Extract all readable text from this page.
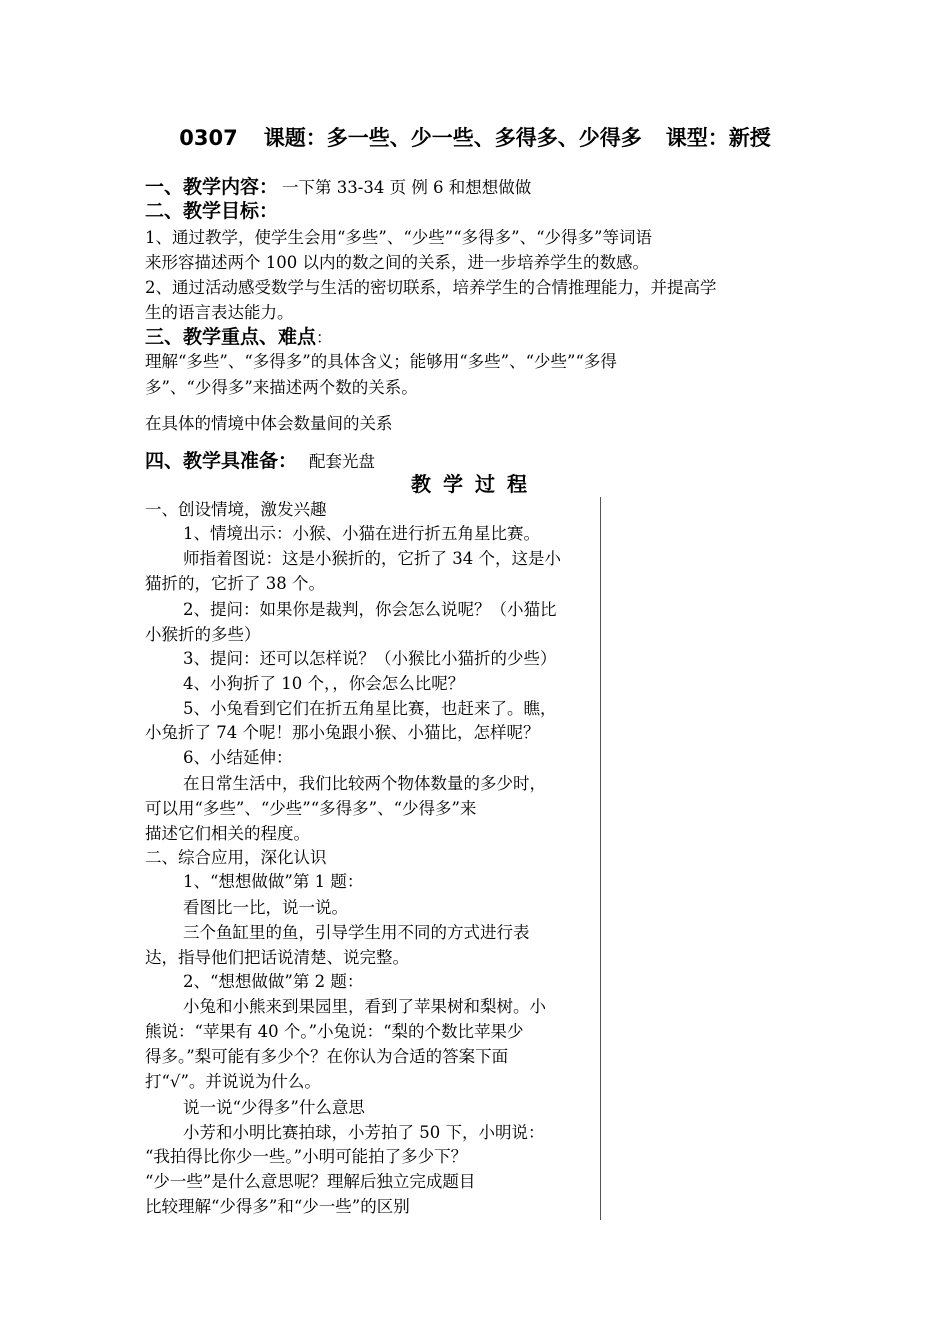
0307 课题：多一些、少一些、多得多、少得多 课型：新授
一、教学内容： 一下第 33-34 页 例 6 和想想做做
二、教学目标：
1、通过教学，使学生会用“多些”、“少些”“多得多”、“少得多”等词语
来形容描述两个 100 以内的数之间的关系，进一步培养学生的数感。
2、通过活动感受数学与生活的密切联系，培养学生的合情推理能力，并提高学
生的语言表达能力。
三、教学重点、难点：
理解“多些”、“多得多”的具体含义；能够用“多些”、“少些”“多得
多”、“少得多”来描述两个数的关系。
在具体的情境中体会数量间的关系
四、教学具准备： 配套光盘
教学过程
一、创设情境，激发兴趣
1、情境出示：小猴、小猫在进行折五角星比赛。
师指着图说：这是小猴折的，它折了 34 个，这是小
猫折的，它折了 38 个。
2、提问：如果你是裁判，你会怎么说呢？（小猫比
小猴折的多些）
3、提问：还可以怎样说？（小猴比小猫折的少些）
4、小狗折了 10 个，，你会怎么比呢？
5、小兔看到它们在折五角星比赛，也赶来了。瞧，
小兔折了 74 个呢！那小兔跟小猴、小猫比，怎样呢？
6、小结延伸：
在日常生活中，我们比较两个物体数量的多少时，
可以用“多些”、“少些”“多得多”、“少得多”来
描述它们相关的程度。
二、综合应用，深化认识
1、“想想做做”第 1 题：
看图比一比，说一说。
三个鱼缸里的鱼，引导学生用不同的方式进行表
达，指导他们把话说清楚、说完整。
2、“想想做做”第 2 题：
小兔和小熊来到果园里，看到了苹果树和梨树。小
熊说：“苹果有 40 个。”小兔说：“梨的个数比苹果少
得多。”梨可能有多少个？在你认为合适的答案下面
打“√”。并说说为什么。
说一说“少得多”什么意思
小芳和小明比赛拍球，小芳拍了 50 下，小明说：
“我拍得比你少一些。”小明可能拍了多少下？
“少一些”是什么意思呢？理解后独立完成题目
比较理解“少得多”和“少一些”的区别
